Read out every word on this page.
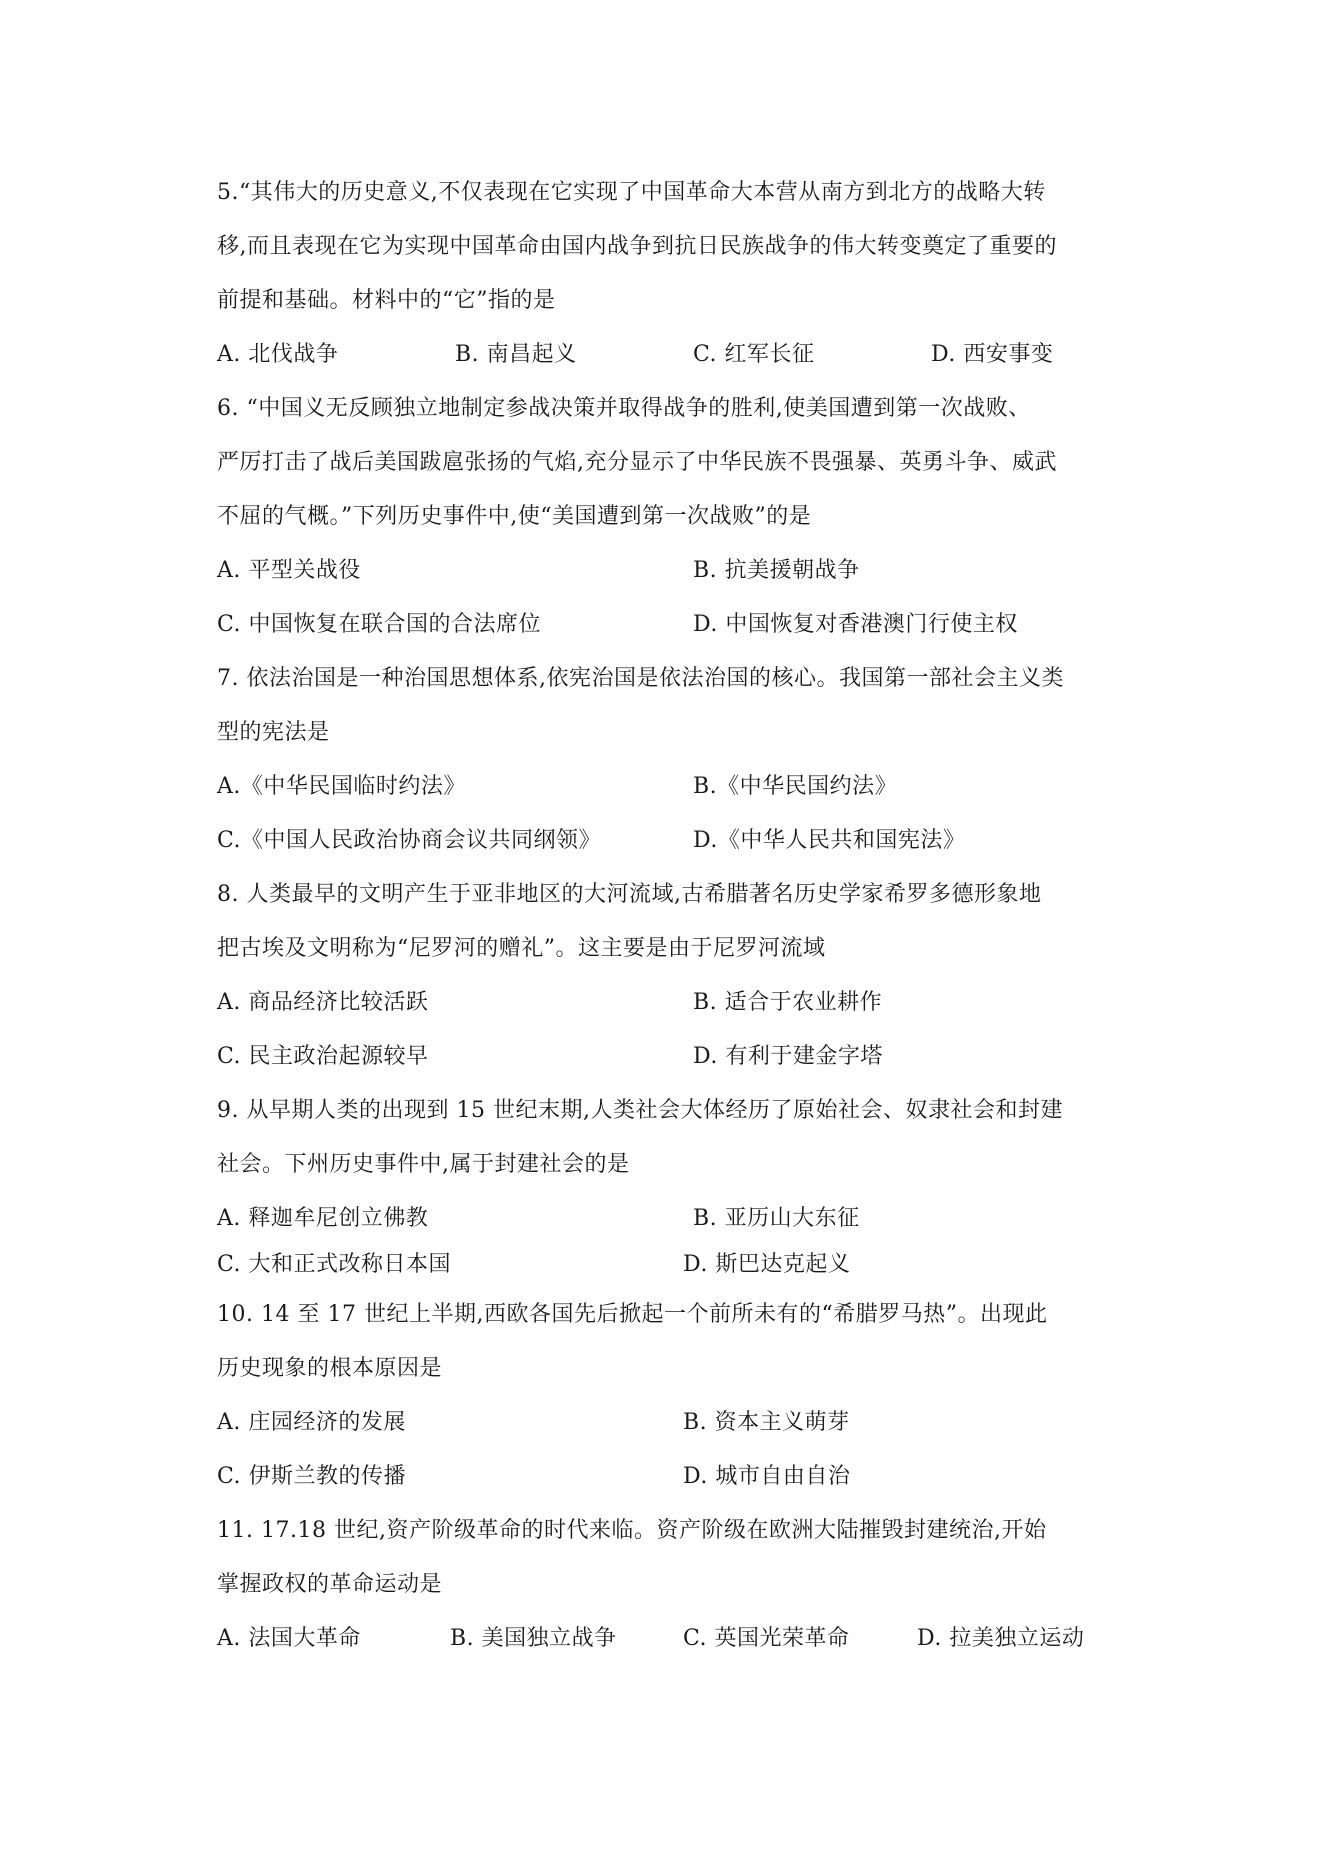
5.“其伟大的历史意义,不仅表现在它实现了中国革命大本营从南方到北方的战略大转
移,而且表现在它为实现中国革命由国内战争到抗日民族战争的伟大转变奠定了重要的
前提和基础。材料中的“它”指的是
A. 北伐战争	B. 南昌起义	C. 红军长征	D. 西安事变
6. “中国义无反顾独立地制定参战决策并取得战争的胜利,使美国遭到第一次战败、
严厉打击了战后美国跋扈张扬的气焰,充分显示了中华民族不畏强暴、英勇斗争、威武
不屈的气概。”下列历史事件中,使“美国遭到第一次战败”的是
A. 平型关战役	B. 抗美援朝战争
C. 中国恢复在联合国的合法席位	D. 中国恢复对香港澳门行使主权
7. 依法治国是一种治国思想体系,依宪治国是依法治国的核心。我国第一部社会主义类
型的宪法是
A.《中华民国临时约法》	B.《中华民国约法》
C.《中国人民政治协商会议共同纲领》	D.《中华人民共和国宪法》
8. 人类最早的文明产生于亚非地区的大河流域,古希腊著名历史学家希罗多德形象地
把古埃及文明称为“尼罗河的赠礼”。这主要是由于尼罗河流域
A. 商品经济比较活跃	B. 适合于农业耕作
C. 民主政治起源较早	D. 有利于建金字塔
9. 从早期人类的出现到 15 世纪末期,人类社会大体经历了原始社会、奴隶社会和封建
社会。下州历史事件中,属于封建社会的是
A. 释迦牟尼创立佛教	B. 亚历山大东征
C. 大和正式改称日本国	D. 斯巴达克起义
10. 14 至 17 世纪上半期,西欧各国先后掀起一个前所未有的“希腊罗马热”。出现此
历史现象的根本原因是
A. 庄园经济的发展	B. 资本主义萌芽
C. 伊斯兰教的传播	D. 城市自由自治
11. 17.18 世纪,资产阶级革命的时代来临。资产阶级在欧洲大陆摧毁封建统治,开始
掌握政权的革命运动是
A. 法国大革命	B. 美国独立战争	C. 英国光荣革命	D. 拉美独立运动
